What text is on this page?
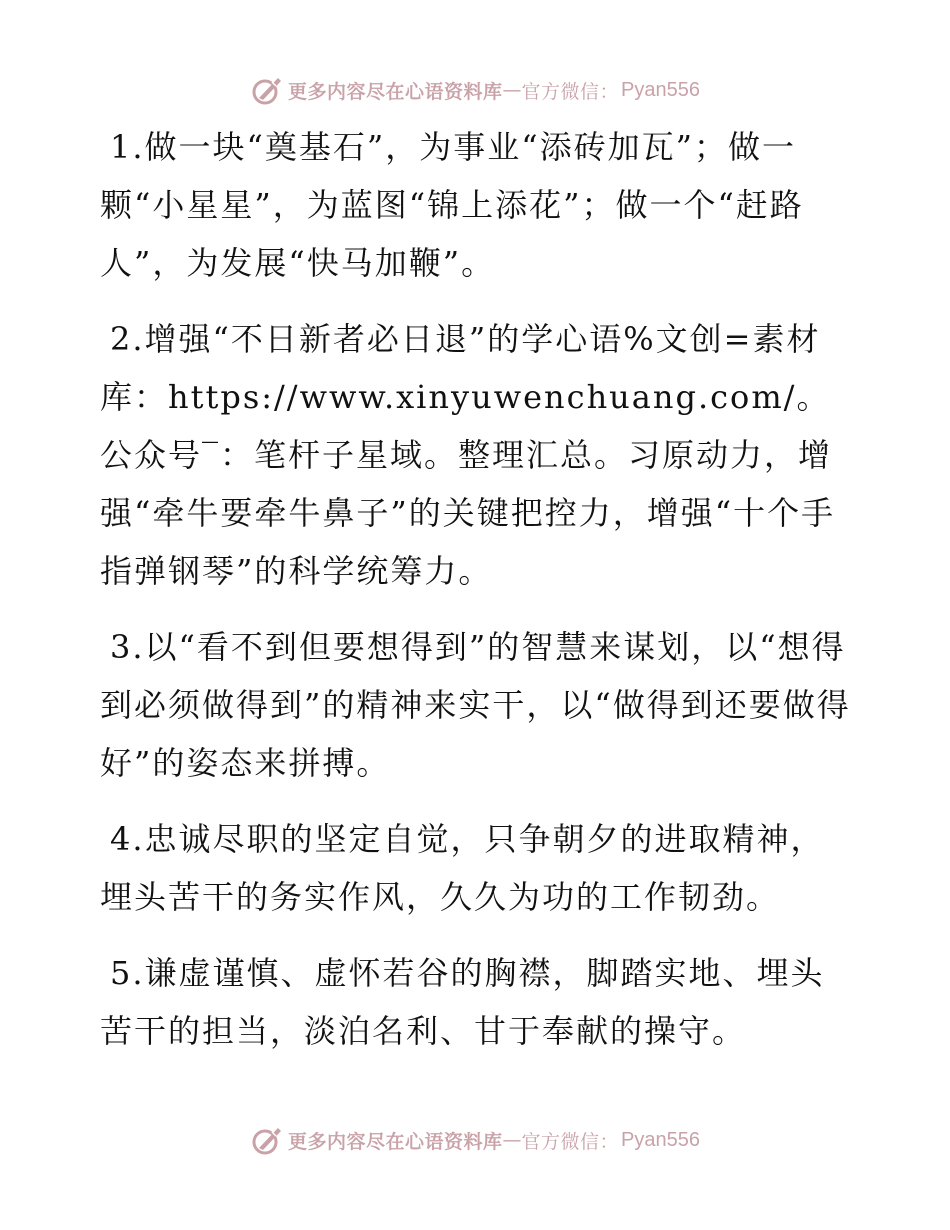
更多内容尽在心语资料库 — 官方微信： Pyan556

1.做一块“奠基石”，为事业“添砖加瓦”；做一颗“小星星”，为蓝图“锦上添花”；做一个“赶路人”，为发展“快马加鞭”。

2.增强“不日新者必日退”的学心语%文创=素材库：https://www.xinyuwenchuang.com/。公众号‾：笔杆子星域。整理汇总。习原动力，增强“牵牛要牵牛鼻子”的关键把控力，增强“十个手指弹钢琴”的科学统筹力。

3.以“看不到但要想得到”的智慧来谋划，以“想得到必须做得到”的精神来实干，以“做得到还要做得好”的姿态来拼搏。

4.忠诚尽职的坚定自觉，只争朝夕的进取精神，埋头苦干的务实作风，久久为功的工作韧劲。

5.谦虚谨慎、虚怀若谷的胸襟，脚踏实地、埋头苦干的担当，淡泊名利、甘于奉献的操守。

更多内容尽在心语资料库 — 官方微信： Pyan556
